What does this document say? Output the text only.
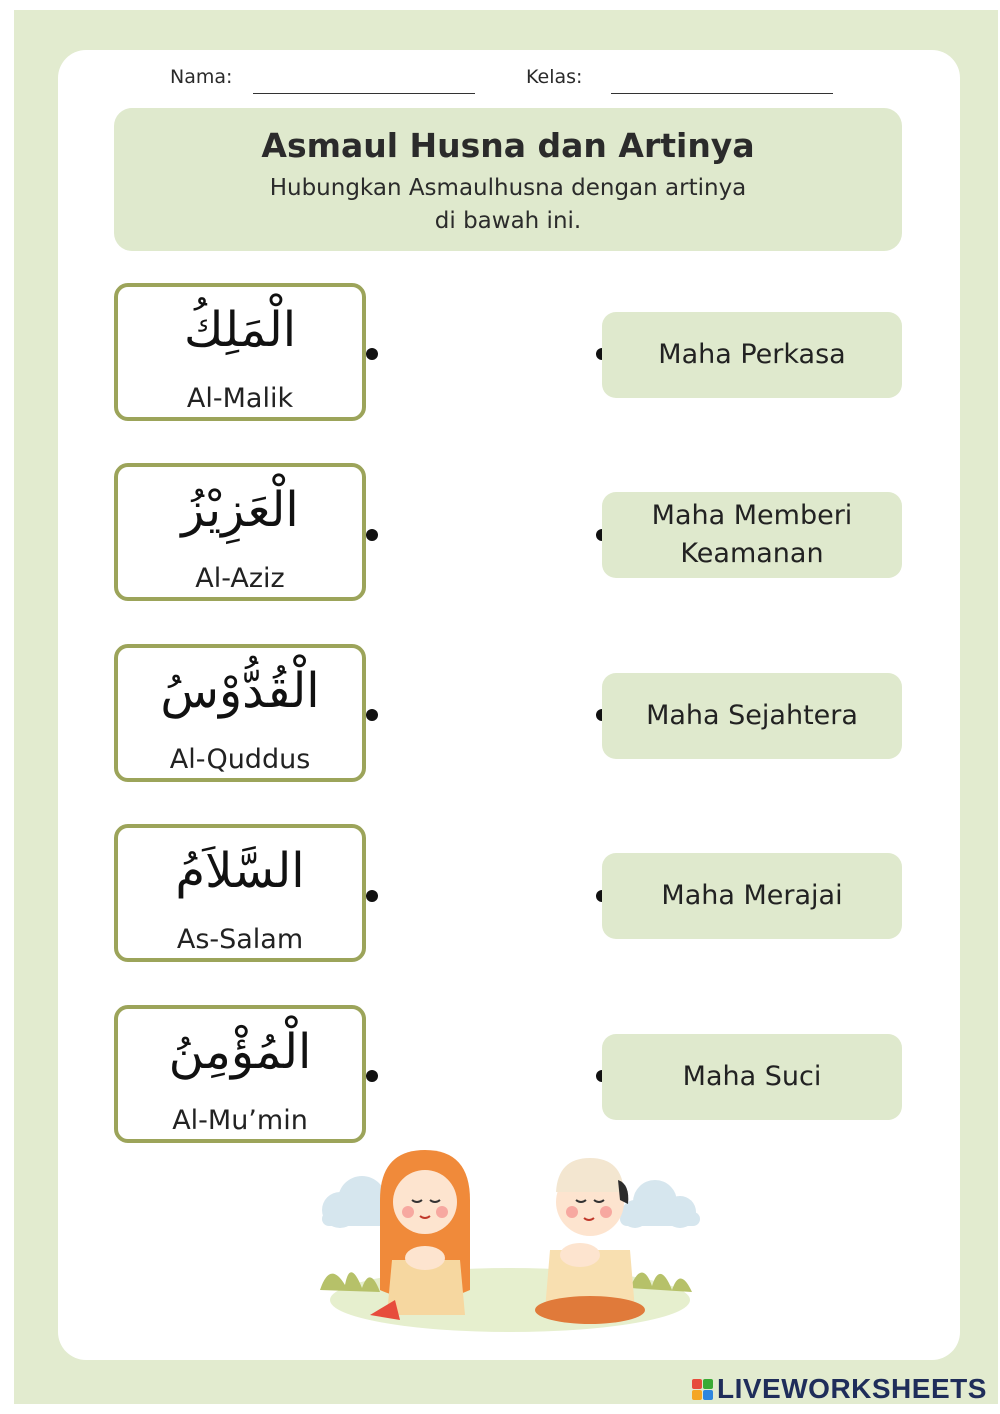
Nama:	Kelas:
Asmaul Husna dan Artinya
Hubungkan Asmaulhusna dengan artinya
di bawah ini.
الْمَلِكُ
Al-Malik
الْعَزِيْزُ
Al-Aziz
الْقُدُّوْسُ
Al-Quddus
السَّلاَمُ
As-Salam
الْمُؤْمِنُ
Al-Mu’min
Maha Perkasa
Maha Memberi
Keamanan
Maha Sejahtera
Maha Merajai
Maha Suci
LIVEWORKSHEETS
